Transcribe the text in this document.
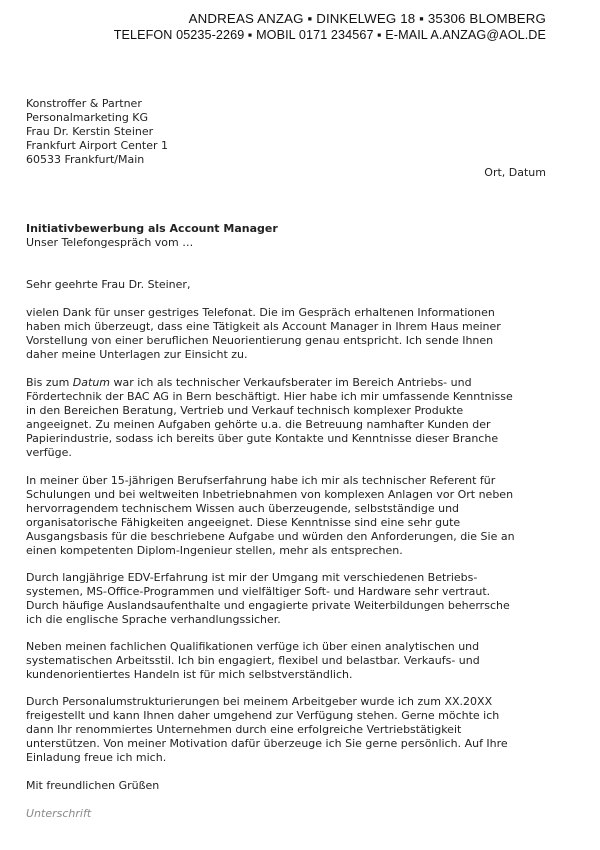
ANDREAS ANZAG ▪ DINKELWEG 18 ▪ 35306 BLOMBERG
TELEFON 05235-2269 ▪ MOBIL 0171 234567 ▪ E-MAIL A.ANZAG@AOL.DE
Konstroffer & Partner
Personalmarketing KG
Frau Dr. Kerstin Steiner
Frankfurt Airport Center 1
60533 Frankfurt/Main
Ort, Datum
Initiativbewerbung als Account Manager
Unser Telefongespräch vom …
Sehr geehrte Frau Dr. Steiner,
vielen Dank für unser gestriges Telefonat. Die im Gespräch erhaltenen Informationen
haben mich überzeugt, dass eine Tätigkeit als Account Manager in Ihrem Haus meiner
Vorstellung von einer beruflichen Neuorientierung genau entspricht. Ich sende Ihnen
daher meine Unterlagen zur Einsicht zu.
Bis zum Datum war ich als technischer Verkaufsberater im Bereich Antriebs- und
Fördertechnik der BAC AG in Bern beschäftigt. Hier habe ich mir umfassende Kenntnisse
in den Bereichen Beratung, Vertrieb und Verkauf technisch komplexer Produkte
angeeignet. Zu meinen Aufgaben gehörte u.a. die Betreuung namhafter Kunden der
Papierindustrie, sodass ich bereits über gute Kontakte und Kenntnisse dieser Branche
verfüge.
In meiner über 15-jährigen Berufserfahrung habe ich mir als technischer Referent für
Schulungen und bei weltweiten Inbetriebnahmen von komplexen Anlagen vor Ort neben
hervorragendem technischem Wissen auch überzeugende, selbstständige und
organisatorische Fähigkeiten angeeignet. Diese Kenntnisse sind eine sehr gute
Ausgangsbasis für die beschriebene Aufgabe und würden den Anforderungen, die Sie an
einen kompetenten Diplom-Ingenieur stellen, mehr als entsprechen.
Durch langjährige EDV-Erfahrung ist mir der Umgang mit verschiedenen Betriebs-
systemen, MS-Office-Programmen und vielfältiger Soft- und Hardware sehr vertraut.
Durch häufige Auslandsaufenthalte und engagierte private Weiterbildungen beherrsche
ich die englische Sprache verhandlungssicher.
Neben meinen fachlichen Qualifikationen verfüge ich über einen analytischen und
systematischen Arbeitsstil. Ich bin engagiert, flexibel und belastbar. Verkaufs- und
kundenorientiertes Handeln ist für mich selbstverständlich.
Durch Personalumstrukturierungen bei meinem Arbeitgeber wurde ich zum XX.20XX
freigestellt und kann Ihnen daher umgehend zur Verfügung stehen. Gerne möchte ich
dann Ihr renommiertes Unternehmen durch eine erfolgreiche Vertriebstätigkeit
unterstützen. Von meiner Motivation dafür überzeuge ich Sie gerne persönlich. Auf Ihre
Einladung freue ich mich.
Mit freundlichen Grüßen
Unterschrift
